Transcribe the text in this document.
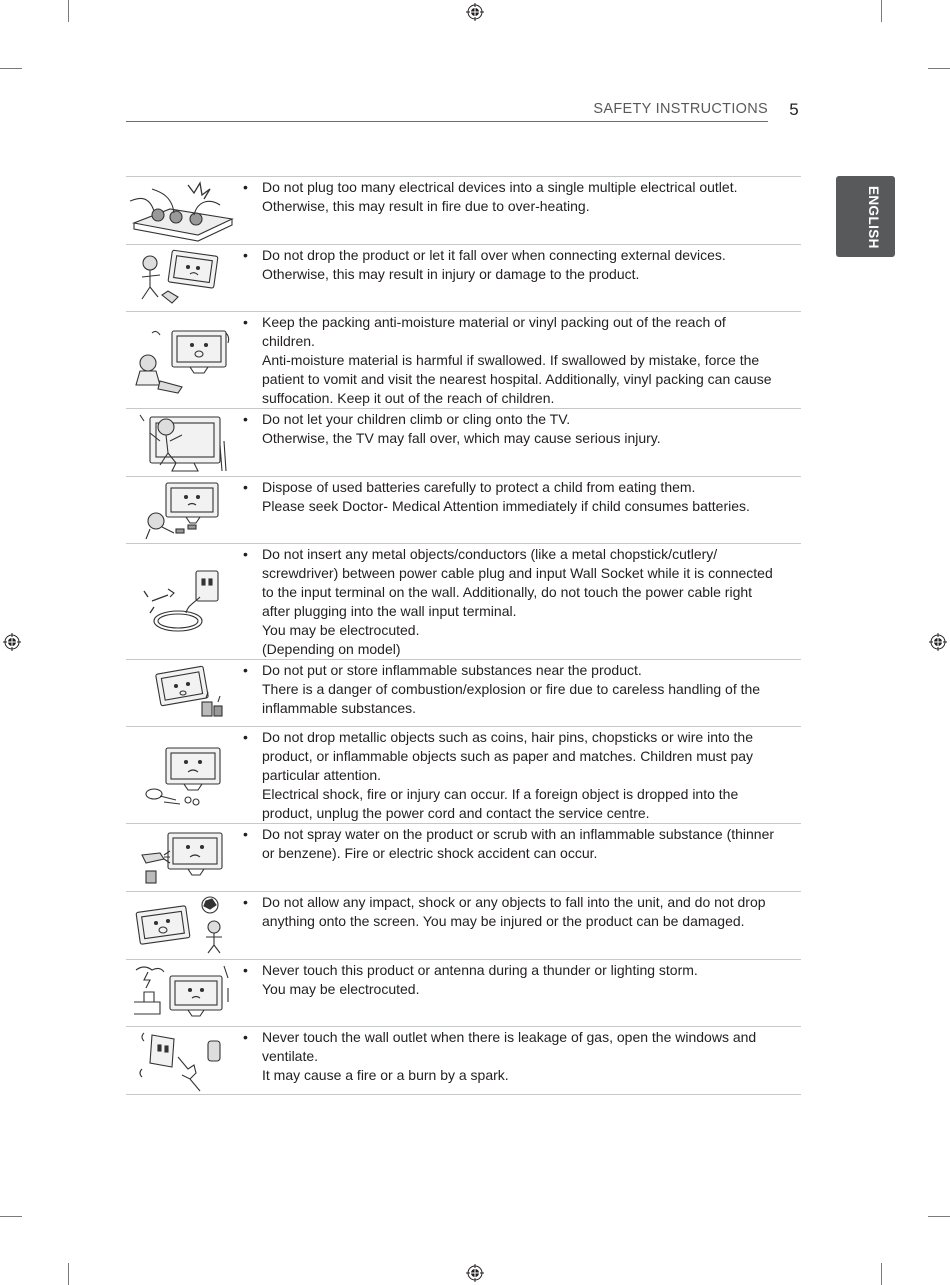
SAFETY INSTRUCTIONS	5
ENGLISH
•	Do not plug too many electrical devices into a single multiple electrical outlet.

Otherwise, this may result in fire due to over-heating.

•	Do not drop the product or let it fall over when connecting external devices.

Otherwise, this may result in injury or damage to the product.

•	Keep the packing anti-moisture material or vinyl packing out of the reach of

children.

Anti-moisture material is harmful if swallowed. If swallowed by mistake, force the

patient to vomit and visit the nearest hospital. Additionally, vinyl packing can cause

suffocation. Keep it out of the reach of children.

•	Do not let your children climb or cling onto the TV.

Otherwise, the TV may fall over, which may cause serious injury.

•	Dispose of used batteries carefully to protect a child from eating them.

Please seek Doctor- Medical Attention immediately if child consumes batteries.

•	Do not insert any metal objects/conductors (like a metal chopstick/cutlery/

screwdriver) between power cable plug and input Wall Socket while it is connected

to the input terminal on the wall. Additionally, do not touch the power cable right

after plugging into the wall input terminal.

You may be electrocuted.

(Depending on model)

•	Do not put or store inflammable substances near the product.

There is a danger of combustion/explosion or fire due to careless handling of the

inflammable substances.

•	Do not drop metallic objects such as coins, hair pins, chopsticks or wire into the

product, or inflammable objects such as paper and matches. Children must pay

particular attention.

Electrical shock, fire or injury can occur. If a foreign object is dropped into the

product, unplug the power cord and contact the service centre.

•	Do not spray water on the product or scrub with an inflammable substance (thinner

or benzene). Fire or electric shock accident can occur.

•	Do not allow any impact, shock or any objects to fall into the unit, and do not drop

anything onto the screen. You may be injured or the product can be damaged.

•	Never touch this product or antenna during a thunder or lighting storm.

You may be electrocuted.

•	Never touch the wall outlet when there is leakage of gas, open the windows and

ventilate.

It may cause a fire or a burn by a spark.
